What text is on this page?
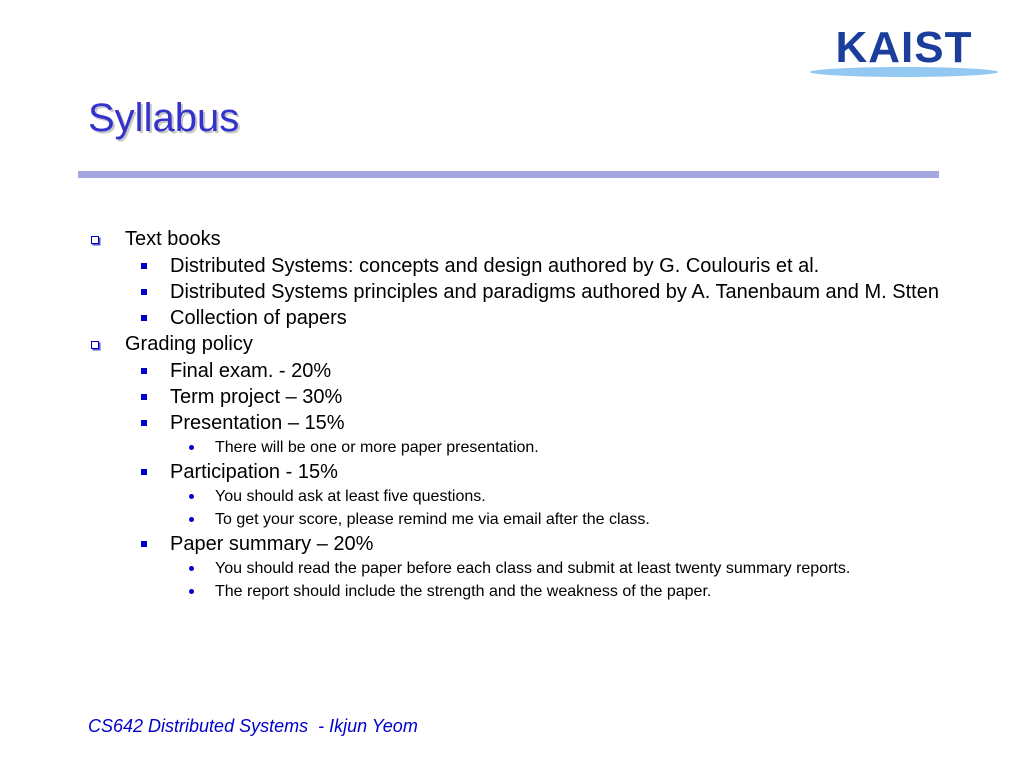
KAIST
Syllabus
Text books
Distributed Systems: concepts and design authored by G. Coulouris et al.
Distributed Systems principles and paradigms authored by A. Tanenbaum and M. Stten
Collection of papers
Grading policy
Final exam. - 20%
Term project – 30%
Presentation – 15%
There will be one or more paper presentation.
Participation - 15%
You should ask at least five questions.
To get your score, please remind me via email after the class.
Paper summary – 20%
You should read the paper before each class and submit at least twenty summary reports.
The report should include the strength and the weakness of the paper.
CS642 Distributed Systems  - Ikjun Yeom
